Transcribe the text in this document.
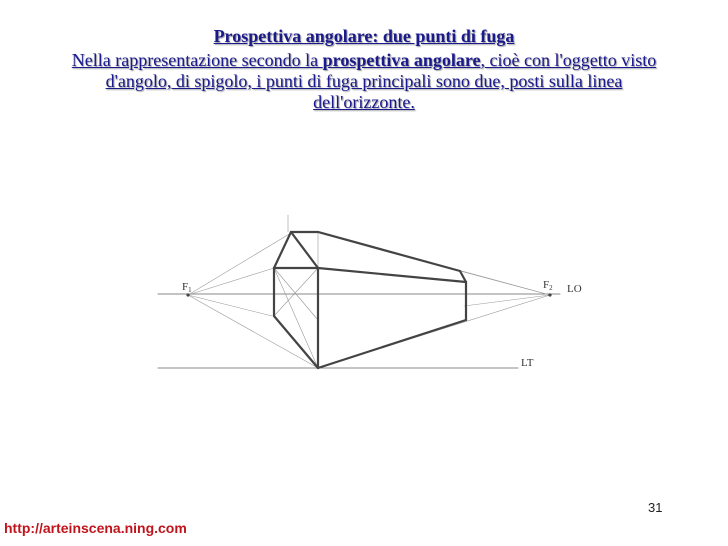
Prospettiva angolare: due punti di fuga
Nella rappresentazione secondo la prospettiva angolare, cioè con l'oggetto visto d'angolo, di spigolo, i punti di fuga principali sono due, posti sulla linea dell'orizzonte.
F1	F2 LO
LT
31
http://arteinscena.ning.com
